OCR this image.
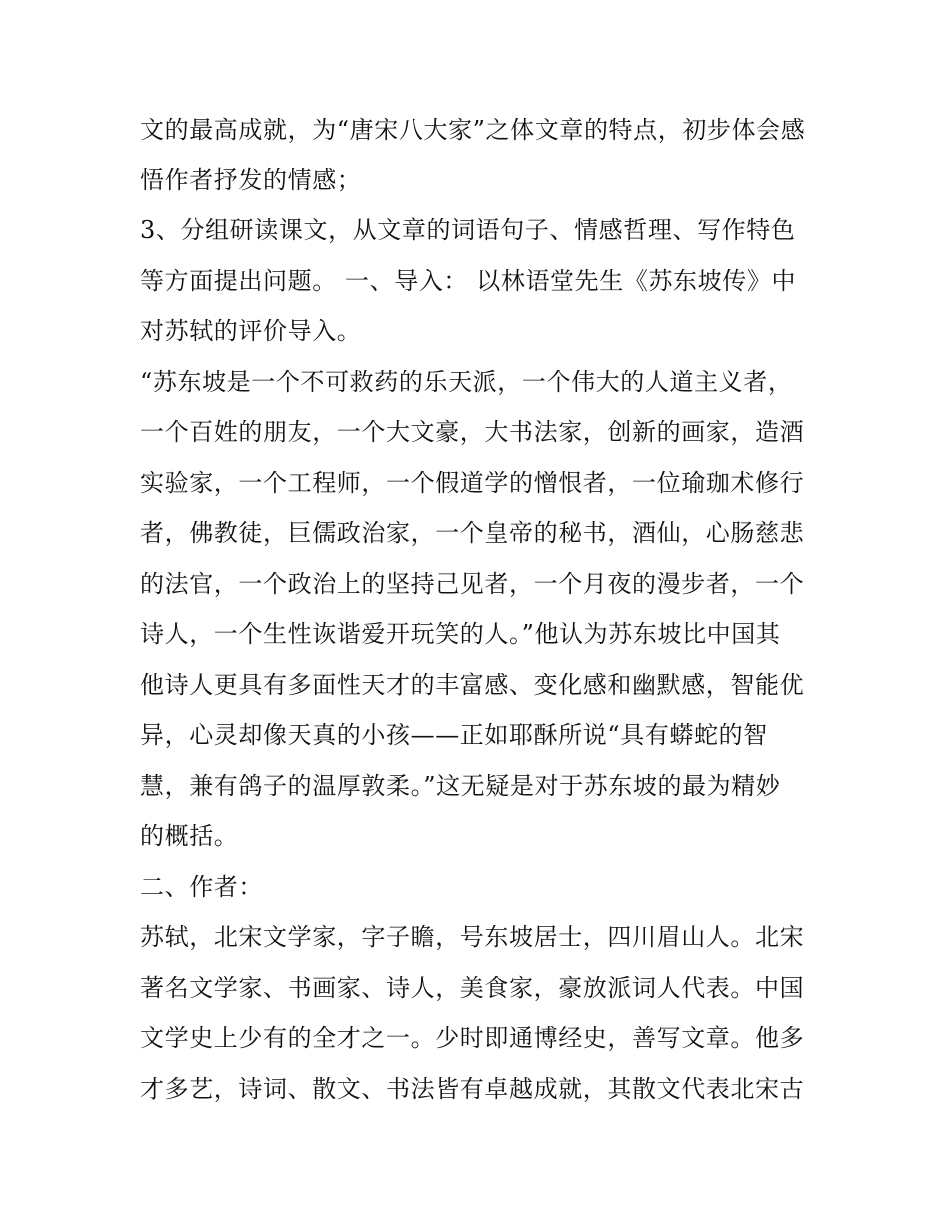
文的最高成就，为“唐宋八大家”之体文章的特点，初步体会感
悟作者抒发的情感；
3、分组研读课文，从文章的词语句子、情感哲理、写作特色
等方面提出问题。 一、导入： 以林语堂先生《苏东坡传》中
对苏轼的评价导入。
“苏东坡是一个不可救药的乐天派，一个伟大的人道主义者，
一个百姓的朋友，一个大文豪，大书法家，创新的画家，造酒
实验家，一个工程师，一个假道学的憎恨者，一位瑜珈术修行
者，佛教徒，巨儒政治家，一个皇帝的秘书，酒仙，心肠慈悲
的法官，一个政治上的坚持己见者，一个月夜的漫步者，一个
诗人，一个生性诙谐爱开玩笑的人。”他认为苏东坡比中国其
他诗人更具有多面性天才的丰富感、变化感和幽默感，智能优
异，心灵却像天真的小孩——正如耶酥所说“具有蟒蛇的智
慧，兼有鸽子的温厚敦柔。”这无疑是对于苏东坡的最为精妙
的概括。
二、作者：
苏轼，北宋文学家，字子瞻，号东坡居士，四川眉山人。北宋
著名文学家、书画家、诗人，美食家，豪放派词人代表。中国
文学史上少有的全才之一。少时即通博经史，善写文章。他多
才多艺，诗词、散文、书法皆有卓越成就，其散文代表北宋古
